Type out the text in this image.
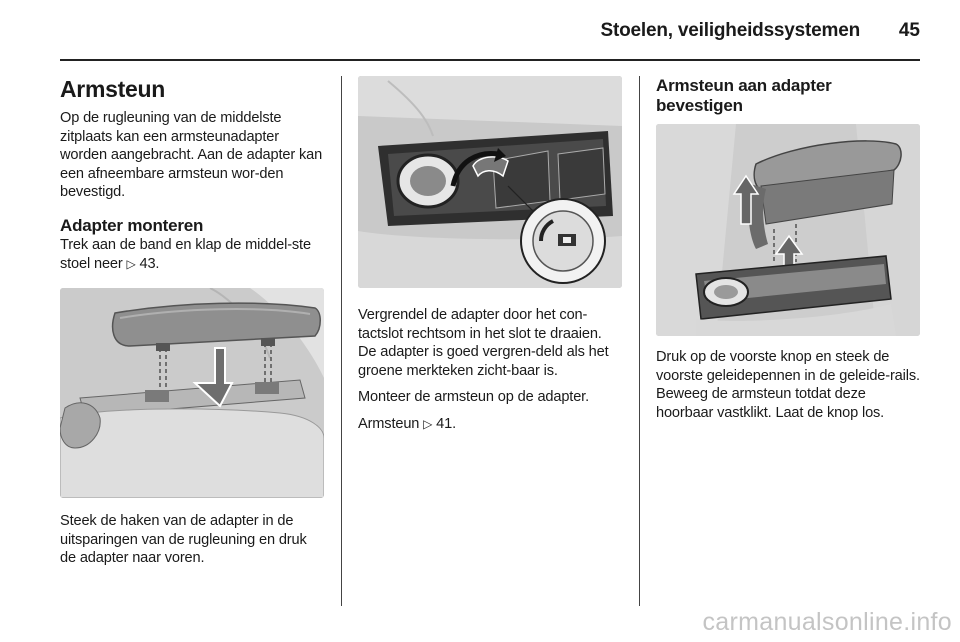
Stoelen, veiligheidssystemen	45
Armsteun

Op de rugleuning van de middelste zitplaats kan een armsteunadapter worden aangebracht. Aan de adapter kan een afneembare armsteun wor-den bevestigd.

Adapter monteren

Trek aan de band en klap de middel-ste stoel neer ▷ 43.

Steek de haken van de adapter in de uitsparingen van de rugleuning en druk de adapter naar voren.

Vergrendel de adapter door het con-tactslot rechtsom in het slot te draaien. De adapter is goed vergren-deld als het groene merkteken zicht-baar is.

Monteer de armsteun op de adapter.

Armsteun ▷ 41.

Armsteun aan adapter bevestigen

Druk op de voorste knop en steek de voorste geleidepennen in de geleide-rails. Beweeg de armsteun totdat deze hoorbaar vastklikt. Laat de knop los.

carmanualsonline.info
